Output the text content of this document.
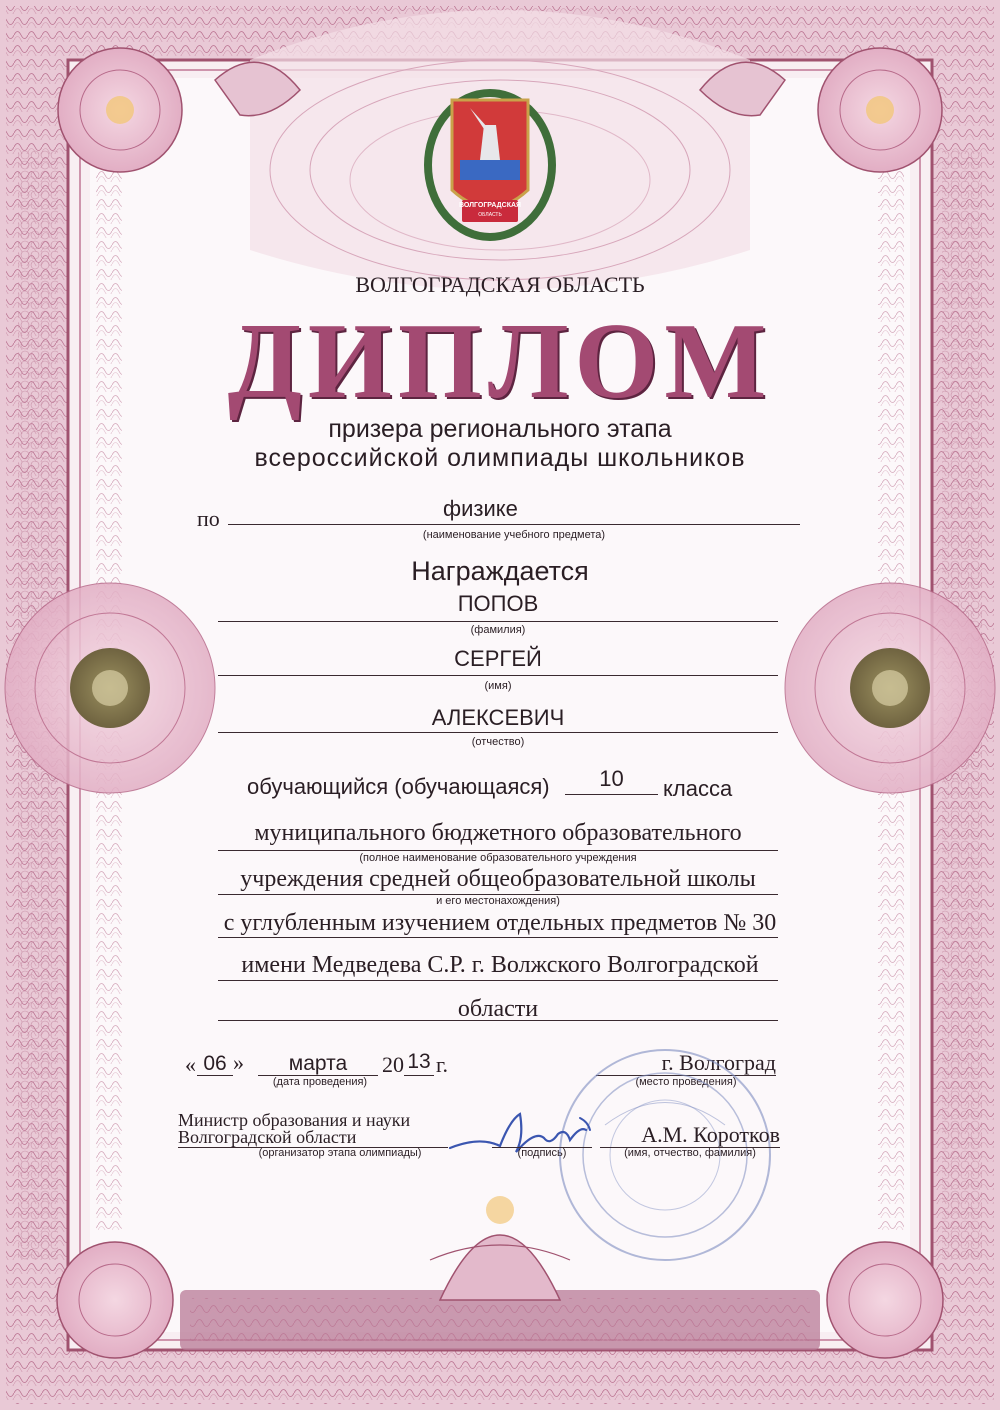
ВОЛГОГРАДСКАЯ
ОБЛАСТЬ
ВОЛГОГРАДСКАЯ ОБЛАСТЬ
ДИПЛОМ
призера регионального этапа
всероссийской олимпиады школьников
по	физике
(наименование учебного предмета)
Награждается
ПОПОВ
(фамилия)
СЕРГЕЙ
(имя)
АЛЕКСЕВИЧ
(отчество)
обучающийся (обучающаяся)	10	класса
муниципального бюджетного образовательного
(полное наименование образовательного учреждения
учреждения средней общеобразовательной школы
и его местонахождения)
с углубленным изучением отдельных предметов № 30
имени Медведева С.Р. г. Волжского Волгоградской
области
« 06 »	марта	20 13 г.
(дата проведения)
г. Волгоград
(место проведения)
Министр образования и науки
Волгоградской области
(организатор этапа олимпиады)	(подпись)
А.М. Коротков
(имя, отчество, фамилия)
